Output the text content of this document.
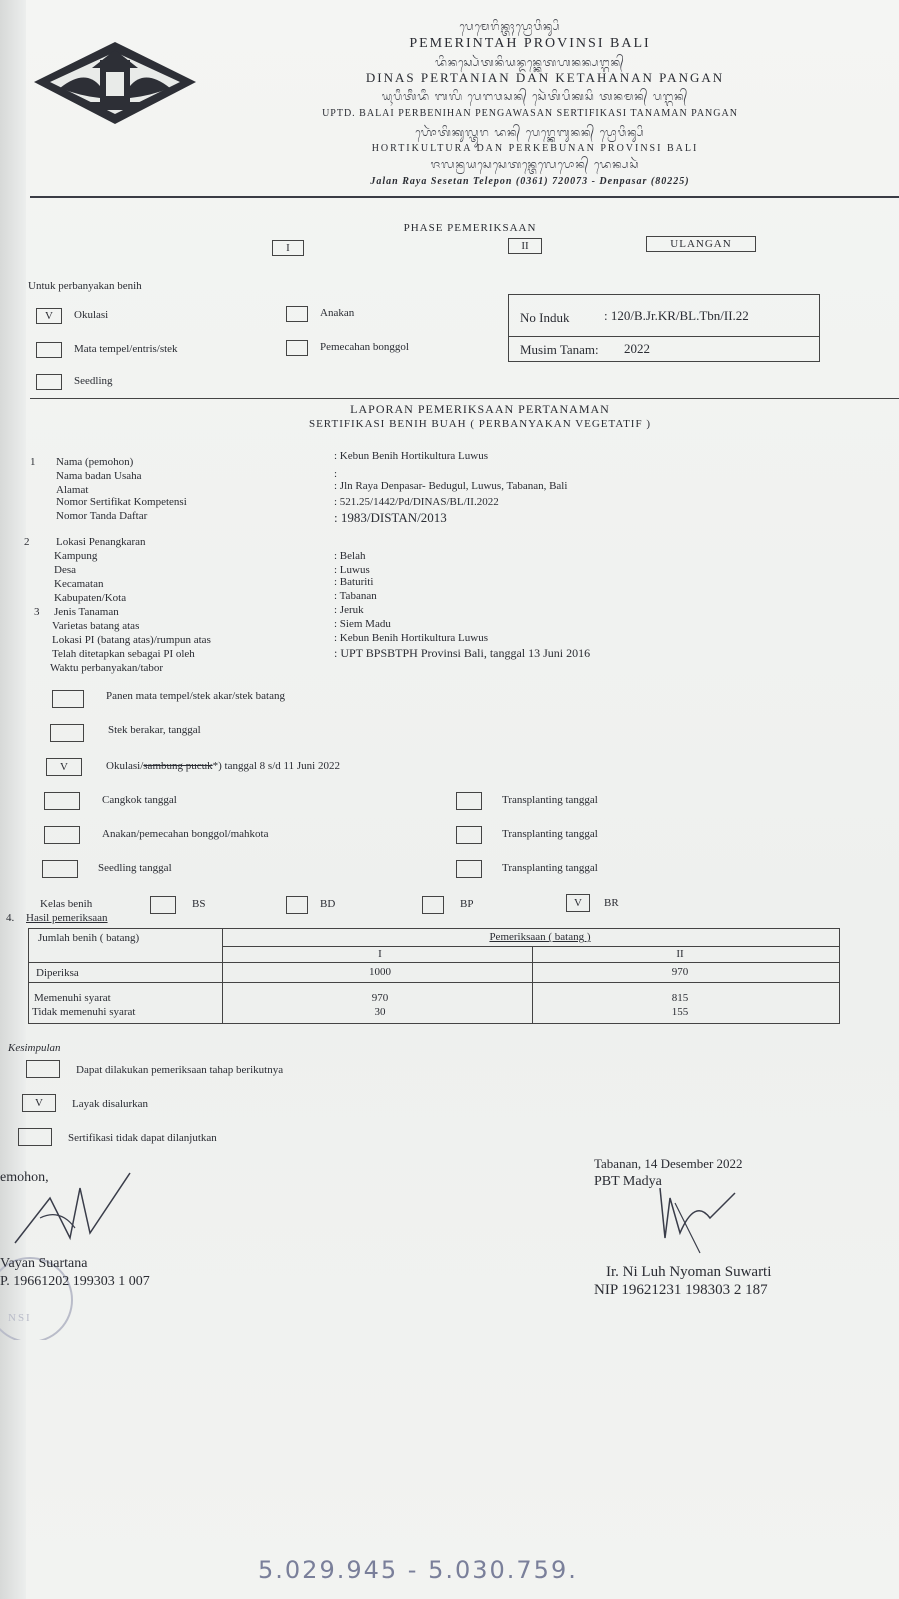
ᬧᬾᬫᬾᬭᬶᬦ᭄ᬢᬄᬧ᭄ᬭᭀᬯᬶᬦ᭄ᬲᬶ
PEMERINTAH PROVINSI BALI
ᬤᬶᬦᬲ᭄ᬧᬾᬃᬢᬦᬶᬬᬦ᭄ᬤᬦ᭄ᬓᬾᬢᬳᬦᬦ᭄ᬧᬗ᭄ᬕᬦ᭄
DINAS PERTANIAN DAN KETAHANAN PANGAN
ᬬᬹᬧᬷᬢᬷᬤᬷ ᬩᬮᬶ ᬧᬾᬗᬯᬲᬦ᭄ ᬲᬾᬃᬢᬶᬧᬶᬓᬲᬶ ᬢᬦᬫᬦ᭄ ᬧᬗ᭄ᬕᬦ᭄
UPTD. BALAI PERBENIHAN PENGAWASAN SERTIFIKASI TANAMAN PANGAN
ᬳᭀᬃᬢᬶᬓᬸᬮ᭄ᬢᬸᬭ ᬤᬦ᭄ ᬧᬾᬭ᭄ᬓᬾᬩᬸᬦᬦ᭄ ᬧ᭄ᬭᭀᬯᬶᬦ᭄ᬲᬶ
HORTIKULTURA DAN PERKEBUNAN PROVINSI BALI
ᬚᬮᬦ᭄ᬭᬬᬲᬾᬲᬾᬢᬦ᭄ᬢᬾᬮᬾᬧᭀᬦ᭄ ᬤᬾᬦ᭄ᬧᬲᬃ
Jalan Raya Sesetan Telepon (0361) 720073 - Denpasar (80225)
PHASE PEMERIKSAAN
I	II	ULANGAN
Untuk perbanyakan benih
V	Okulasi	Anakan
Mata tempel/entris/stek	Pemecahan bonggol
Seedling
No Induk	: 120/B.Jr.KR/BL.Tbn/II.22
Musim Tanam: 2022
LAPORAN PEMERIKSAAN PERTANAMAN
SERTIFIKASI BENIH BUAH ( PERBANYAKAN VEGETATIF )
1 Nama (pemohon)	: Kebun Benih Hortikultura Luwus
Nama badan Usaha	:
Alamat	: Jln Raya Denpasar- Bedugul, Luwus, Tabanan, Bali
Nomor Sertifikat Kompetensi	: 521.25/1442/Pd/DINAS/BL/II.2022
Nomor Tanda Daftar	: 1983/DISTAN/2013
2 Lokasi Penangkaran
Kampung	: Belah
Desa	: Luwus
Kecamatan	: Baturiti
Kabupaten/Kota	: Tabanan
3 Jenis Tanaman	: Jeruk
Varietas batang atas	: Siem Madu
Lokasi PI (batang atas)/rumpun atas	: Kebun Benih Hortikultura Luwus
Telah ditetapkan sebagai PI oleh	: UPT BPSBTPH Provinsi Bali, tanggal 13 Juni 2016
Waktu perbanyakan/tabor
Panen mata tempel/stek akar/stek batang
Stek berakar, tanggal
V	Okulasi/sambung pucuk*) tanggal 8 s/d 11 Juni 2022
Cangkok tanggal
Anakan/pemecahan bonggol/mahkota
Seedling tanggal
Transplanting tanggal
Transplanting tanggal
Transplanting tanggal
Kelas benih	BS	BD	BP	V	BR
4. Hasil pemeriksaan
Jumlah benih ( batang)	Pemeriksaan ( batang )
I	II
Diperiksa	1000	970
Memenuhi syarat	970	815
Tidak memenuhi syarat	30	155
Kesimpulan
Dapat dilakukan pemeriksaan tahap berikutnya
V	Layak disalurkan
Sertifikasi tidak dapat dilanjutkan
emohon,
NSI
Vayan Suartana
P. 19661202 199303 1 007
Tabanan, 14 Desember 2022
PBT Madya
Ir. Ni Luh Nyoman Suwarti
NIP 19621231 198303 2 187
5.029.945 - 5.030.759.
